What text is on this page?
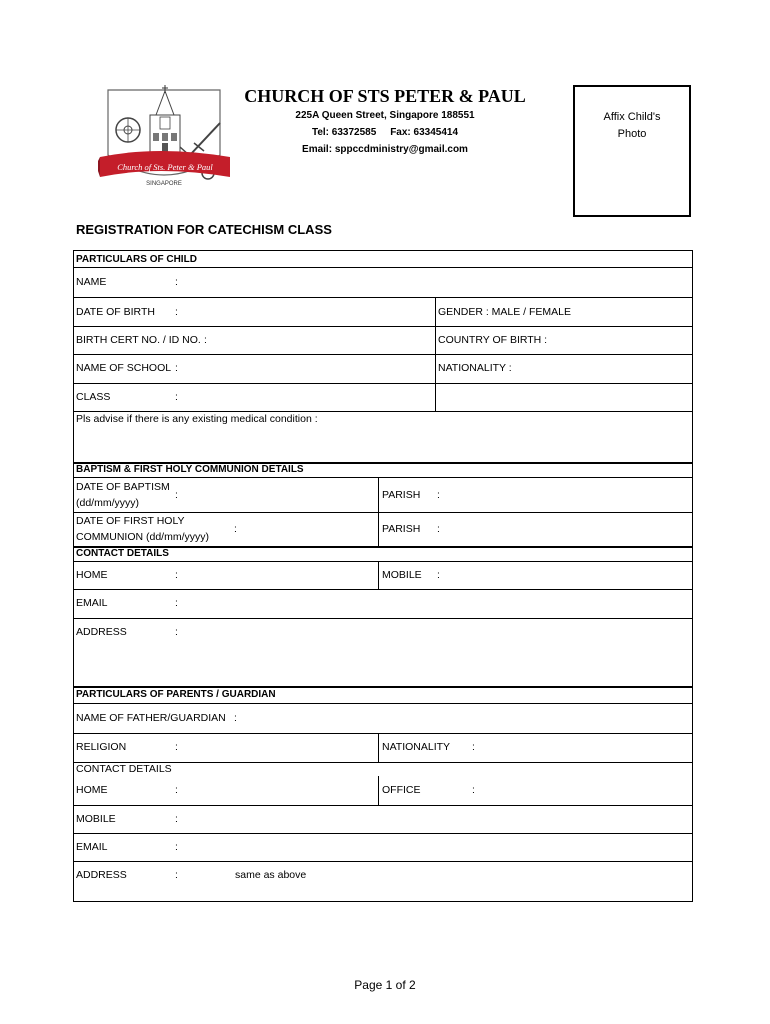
Church of Sts. Peter & Paul
SINGAPORE
CHURCH OF STS PETER & PAUL
225A Queen Street, Singapore 188551
Tel: 63372585 Fax: 63345414
Email: sppccdministry@gmail.com
Affix Child's
Photo
REGISTRATION FOR CATECHISM CLASS
PARTICULARS OF CHILD
NAME	:
DATE OF BIRTH :	GENDER : MALE / FEMALE
BIRTH CERT NO. / ID NO. :	COUNTRY OF BIRTH :
NAME OF SCHOOL :	NATIONALITY :
CLASS	:
Pls advise if there is any existing medical condition :
BAPTISM & FIRST HOLY COMMUNION DETAILS
DATE OF BAPTISM
(dd/mm/yyyy)
:	PARISH :
DATE OF FIRST HOLY
COMMUNION (dd/mm/yyyy)
:	PARISH :
CONTACT DETAILS
HOME	:	MOBILE :
EMAIL	:
ADDRESS	:
PARTICULARS OF PARENTS / GUARDIAN
NAME OF FATHER/GUARDIAN :
RELIGION	:	NATIONALITY :
CONTACT DETAILS
HOME	:	OFFICE	:
MOBILE	:
EMAIL	:
ADDRESS	:	same as above
Page 1 of 2
